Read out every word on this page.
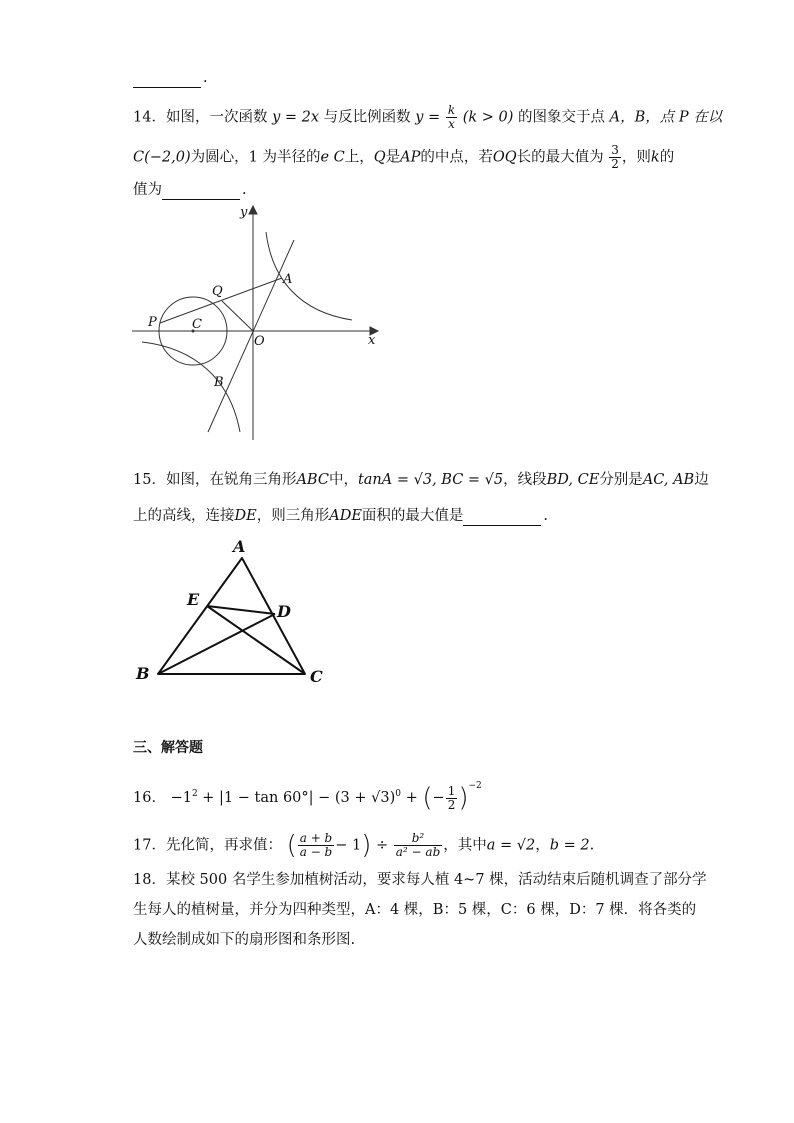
.
14．如图，一次函数 y = 2x 与反比例函数 $y = \frac{k}{x} (k > 0)$ 的图象交于点 A，B，点 P 在以
C(−2,0)为圆心，1 为半径的e C上，Q是AP的中点，若OQ长的最大值为 $\frac{3}{2}$ ，则k的
值为	.
y
x
A
Q
P	C
O
B
15．如图，在锐角三角形ABC中，tanA = √3, BC = √5，线段BD, CE分别是AC, AB边
上的高线，连接DE，则三角形ADE面积的最大值是	.
A
E
D
B	C
三、解答题
16． $-1^2 + |1 - \tan 60^\circ| - (3 + √3)^0$ + (− $\frac{1}{2} )^{-2}$
17．先化简，再求值： ( $\frac{a + b}{a - b} - 1) \div \frac{\text{b²}}{\text{a² − ab}}$ ，其中a = √2，b = 2.
18．某校 500 名学生参加植树活动，要求每人植 4~7 棵，活动结束后随机调查了部分学
生每人的植树量，并分为四种类型，A：4 棵，B：5 棵，C：6 棵，D：7 棵．将各类的
人数绘制成如下的扇形图和条形图.
